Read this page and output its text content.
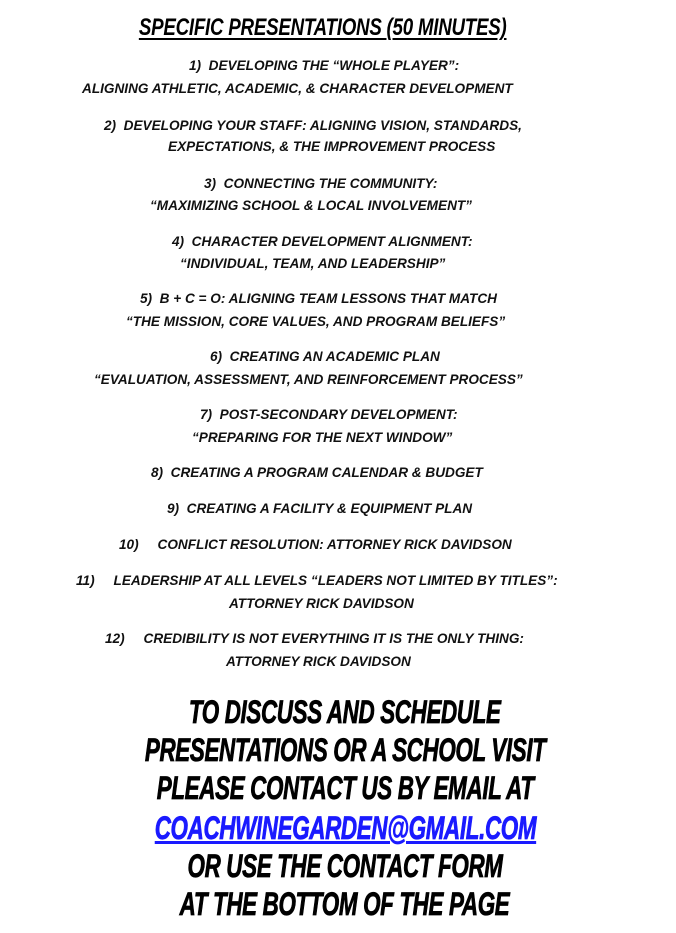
SPECIFIC PRESENTATIONS (50 MINUTES)
1)  DEVELOPING THE “WHOLE PLAYER”:
ALIGNING ATHLETIC, ACADEMIC, & CHARACTER DEVELOPMENT
2)  DEVELOPING YOUR STAFF: ALIGNING VISION, STANDARDS,
EXPECTATIONS, & THE IMPROVEMENT PROCESS
3)  CONNECTING THE COMMUNITY:
“MAXIMIZING SCHOOL & LOCAL INVOLVEMENT”
4)  CHARACTER DEVELOPMENT ALIGNMENT:
“INDIVIDUAL, TEAM, AND LEADERSHIP”
5)  B + C = O: ALIGNING TEAM LESSONS THAT MATCH
“THE MISSION, CORE VALUES, AND PROGRAM BELIEFS”
6)  CREATING AN ACADEMIC PLAN
“EVALUATION, ASSESSMENT, AND REINFORCEMENT PROCESS”
7)  POST-SECONDARY DEVELOPMENT:
“PREPARING FOR THE NEXT WINDOW”
8)  CREATING A PROGRAM CALENDAR & BUDGET
9)  CREATING A FACILITY & EQUIPMENT PLAN
10)     CONFLICT RESOLUTION: ATTORNEY RICK DAVIDSON
11)     LEADERSHIP AT ALL LEVELS “LEADERS NOT LIMITED BY TITLES”:
ATTORNEY RICK DAVIDSON
12)     CREDIBILITY IS NOT EVERYTHING IT IS THE ONLY THING:
ATTORNEY RICK DAVIDSON
TO DISCUSS AND SCHEDULE
PRESENTATIONS OR A SCHOOL VISIT
PLEASE CONTACT US BY EMAIL AT
COACHWINEGARDEN@GMAIL.COM
OR USE THE CONTACT FORM
AT THE BOTTOM OF THE PAGE
